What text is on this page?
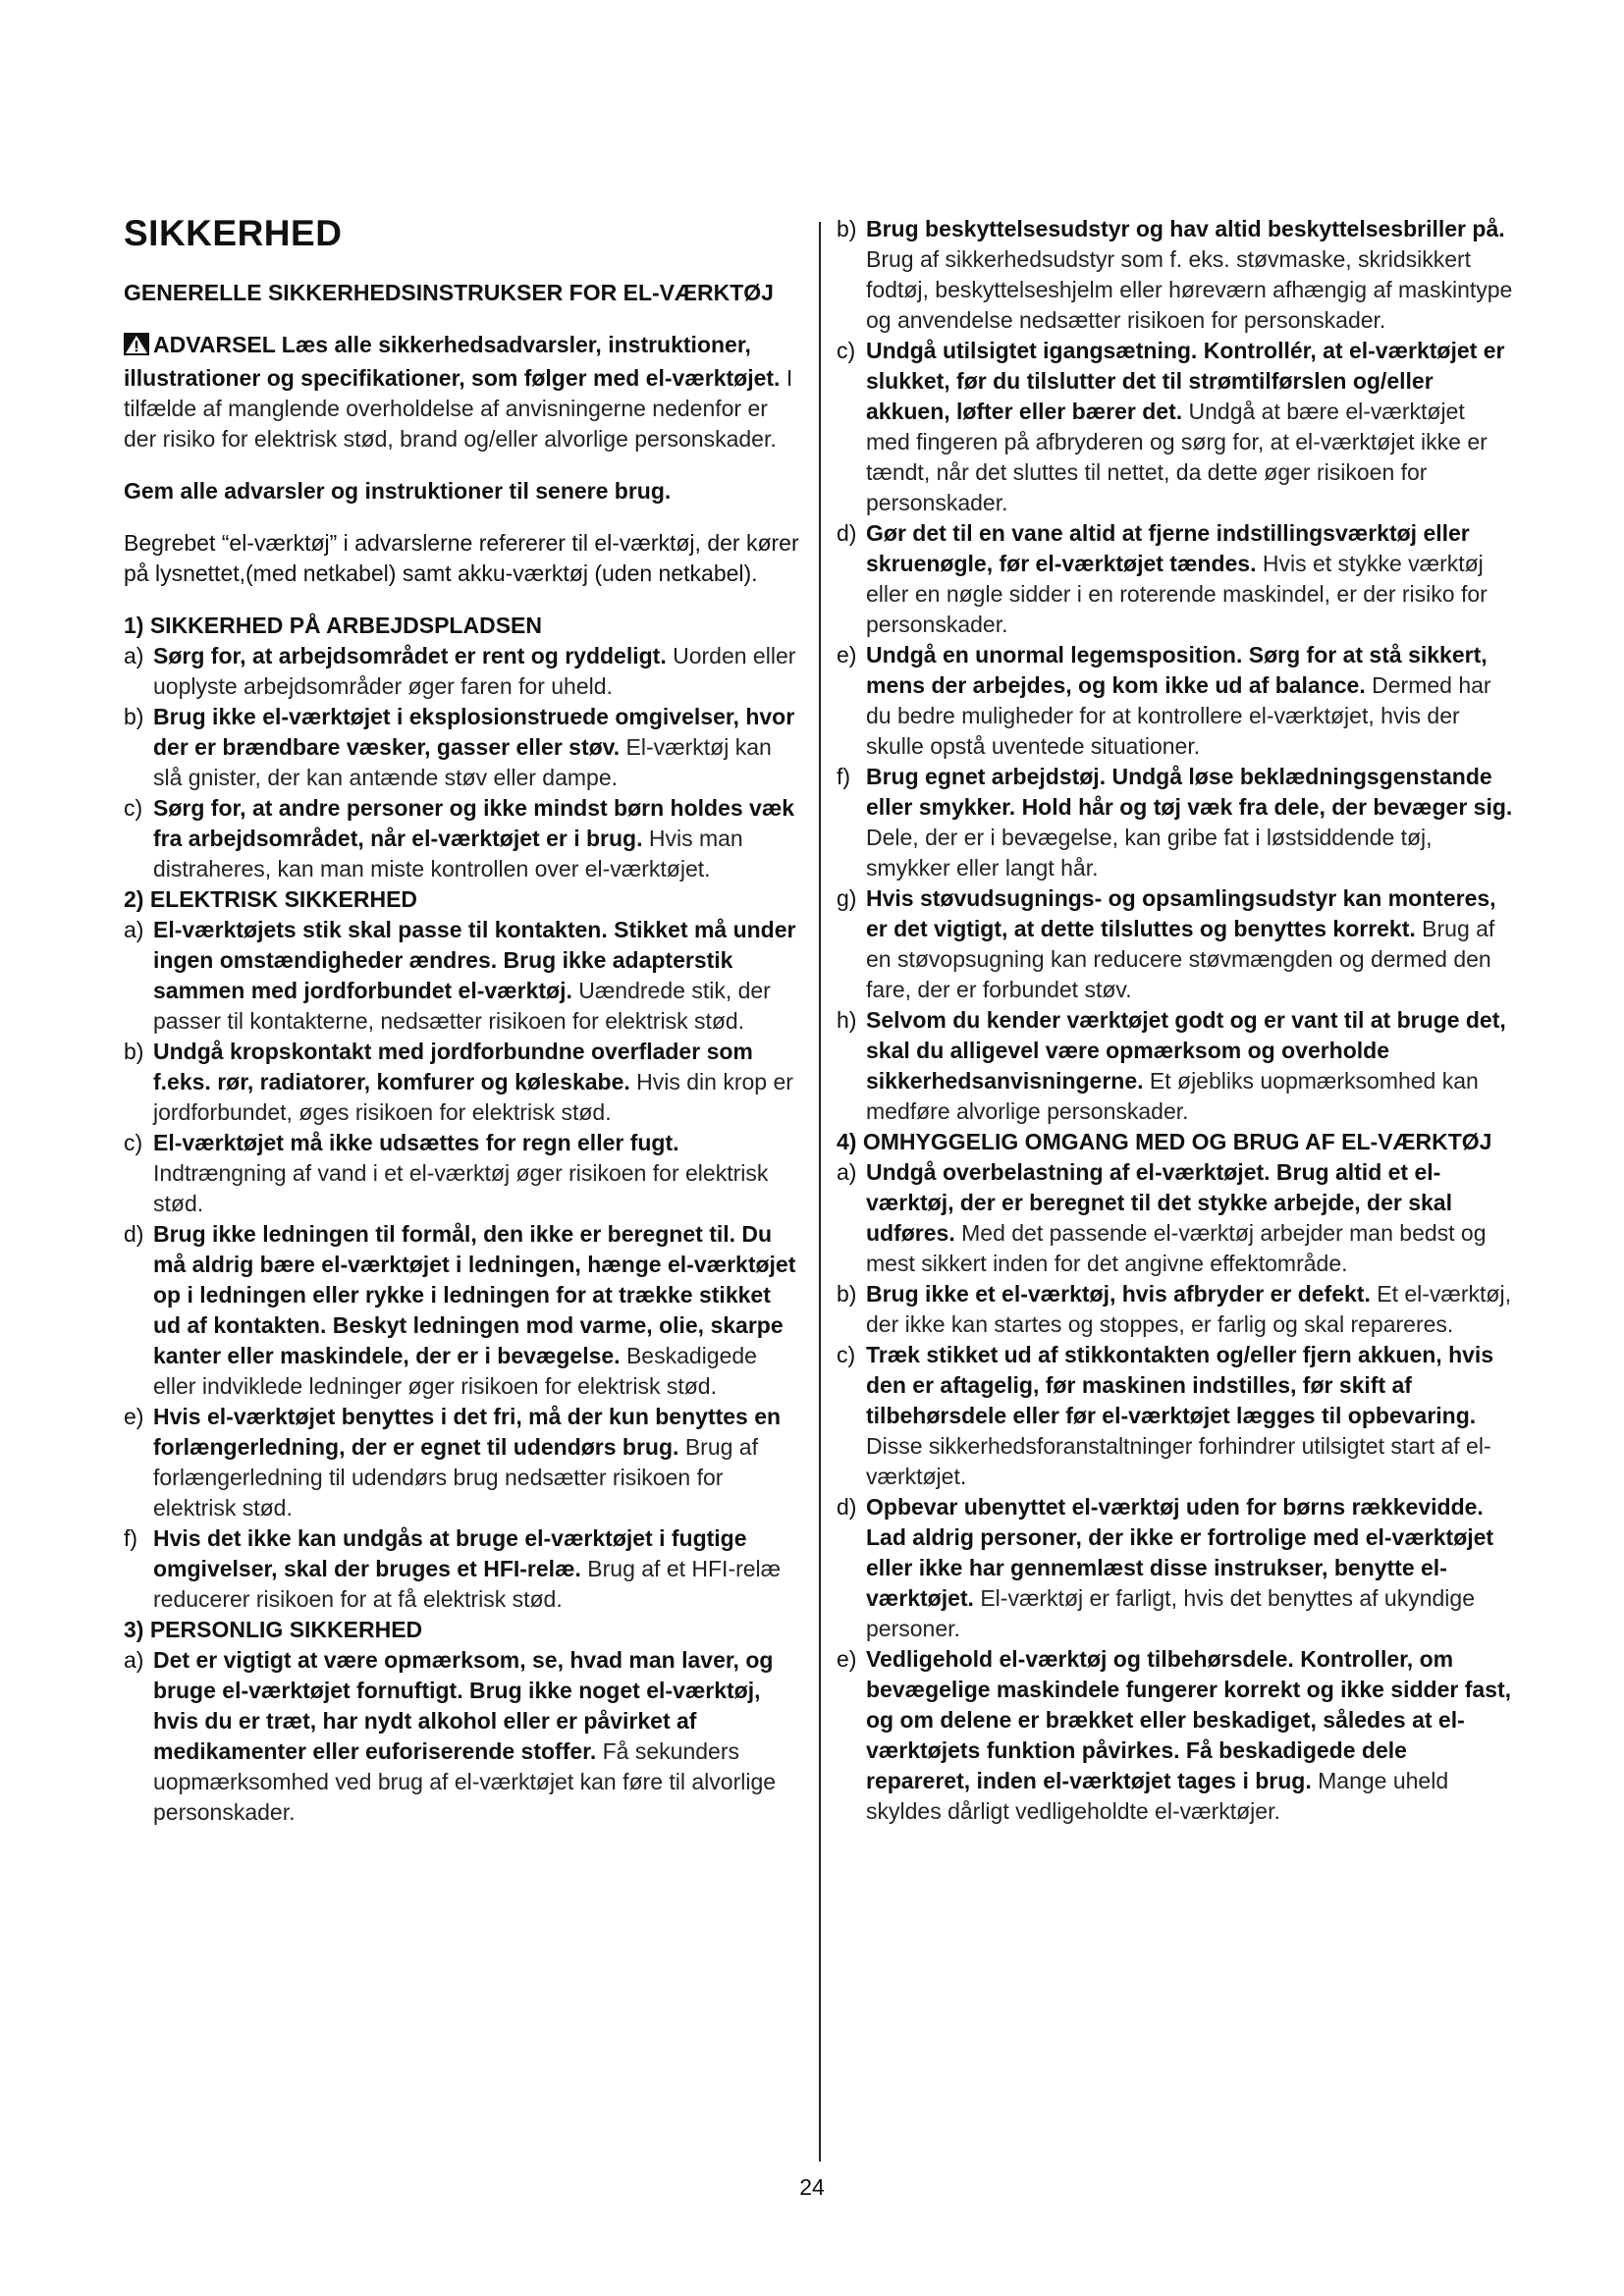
SIKKERHED
GENERELLE SIKKERHEDSINSTRUKSER FOR EL-VÆRKTØJ

ADVARSEL Læs alle sikkerhedsadvarsler, instruktioner, illustrationer og specifikationer, som følger med el-værktøjet. I tilfælde af manglende overholdelse af anvisningerne nedenfor er der risiko for elektrisk stød, brand og/eller alvorlige personskader.

Gem alle advarsler og instruktioner til senere brug.

Begrebet “el-værktøj” i advarslerne refererer til el-værktøj, der kører på lysnettet,(med netkabel) samt akku-værktøj (uden netkabel).

1) SIKKERHED PÅ ARBEJDSPLADSEN
a) Sørg for, at arbejdsområdet er rent og ryddeligt. Uorden eller uoplyste arbejdsområder øger faren for uheld.
b) Brug ikke el-værktøjet i eksplosionstruede omgivelser, hvor der er brændbare væsker, gasser eller støv. El-værktøj kan slå gnister, der kan antænde støv eller dampe.
c) Sørg for, at andre personer og ikke mindst børn holdes væk fra arbejdsområdet, når el-værktøjet er i brug. Hvis man distraheres, kan man miste kontrollen over el-værktøjet.
2) ELEKTRISK SIKKERHED
a) El-værktøjets stik skal passe til kontakten. Stikket må under ingen omstændigheder ændres. Brug ikke adapterstik sammen med jordforbundet el-værktøj. Uændrede stik, der passer til kontakterne, nedsætter risikoen for elektrisk stød.
b) Undgå kropskontakt med jordforbundne overflader som f.eks. rør, radiatorer, komfurer og køleskabe. Hvis din krop er jordforbundet, øges risikoen for elektrisk stød.
c) El-værktøjet må ikke udsættes for regn eller fugt. Indtrængning af vand i et el-værktøj øger risikoen for elektrisk stød.
d) Brug ikke ledningen til formål, den ikke er beregnet til. Du må aldrig bære el-værktøjet i ledningen, hænge el-værktøjet op i ledningen eller rykke i ledningen for at trække stikket ud af kontakten. Beskyt ledningen mod varme, olie, skarpe kanter eller maskindele, der er i bevægelse. Beskadigede eller indviklede ledninger øger risikoen for elektrisk stød.
e) Hvis el-værktøjet benyttes i det fri, må der kun benyttes en forlængerledning, der er egnet til udendørs brug. Brug af forlængerledning til udendørs brug nedsætter risikoen for elektrisk stød.
f) Hvis det ikke kan undgås at bruge el-værktøjet i fugtige omgivelser, skal der bruges et HFI-relæ. Brug af et HFI-relæ reducerer risikoen for at få elektrisk stød.
3) PERSONLIG SIKKERHED
a) Det er vigtigt at være opmærksom, se, hvad man laver, og bruge el-værktøjet fornuftigt. Brug ikke noget el-værktøj, hvis du er træt, har nydt alkohol eller er påvirket af medikamenter eller euforiserende stoffer. Få sekunders uopmærksomhed ved brug af el-værktøjet kan føre til alvorlige personskader.
b) Brug beskyttelsesudstyr og hav altid beskyttelsesbriller på. Brug af sikkerhedsudstyr som f. eks. støvmaske, skridsikkert fodtøj, beskyttelseshjelm eller høreværn afhængig af maskintype og anvendelse nedsætter risikoen for personskader.
c) Undgå utilsigtet igangsætning. Kontrollér, at el-værktøjet er slukket, før du tilslutter det til strømtilførslen og/eller akkuen, løfter eller bærer det. Undgå at bære el-værktøjet med fingeren på afbryderen og sørg for, at el-værktøjet ikke er tændt, når det sluttes til nettet, da dette øger risikoen for personskader.
d) Gør det til en vane altid at fjerne indstillingsværktøj eller skruenøgle, før el-værktøjet tændes. Hvis et stykke værktøj eller en nøgle sidder i en roterende maskindel, er der risiko for personskader.
e) Undgå en unormal legemsposition. Sørg for at stå sikkert, mens der arbejdes, og kom ikke ud af balance. Dermed har du bedre muligheder for at kontrollere el-værktøjet, hvis der skulle opstå uventede situationer.
f) Brug egnet arbejdstøj. Undgå løse beklædningsgenstande eller smykker. Hold hår og tøj væk fra dele, der bevæger sig. Dele, der er i bevægelse, kan gribe fat i løstsiddende tøj, smykker eller langt hår.
g) Hvis støvudsugnings- og opsamlingsudstyr kan monteres, er det vigtigt, at dette tilsluttes og benyttes korrekt. Brug af en støvopsugning kan reducere støvmængden og dermed den fare, der er forbundet støv.
h) Selvom du kender værktøjet godt og er vant til at bruge det, skal du alligevel være opmærksom og overholde sikkerhedsanvisningerne. Et øjebliks uopmærksomhed kan medføre alvorlige personskader.
4) OMHYGGELIG OMGANG MED OG BRUG AF EL-VÆRKTØJ
a) Undgå overbelastning af el-værktøjet. Brug altid et el-værktøj, der er beregnet til det stykke arbejde, der skal udføres. Med det passende el-værktøj arbejder man bedst og mest sikkert inden for det angivne effektområde.
b) Brug ikke et el-værktøj, hvis afbryder er defekt. Et el-værktøj, der ikke kan startes og stoppes, er farlig og skal repareres.
c) Træk stikket ud af stikkontakten og/eller fjern akkuen, hvis den er aftagelig, før maskinen indstilles, før skift af tilbehørsdele eller før el-værktøjet lægges til opbevaring. Disse sikkerhedsforanstaltninger forhindrer utilsigtet start af el-værktøjet.
d) Opbevar ubenyttet el-værktøj uden for børns rækkevidde. Lad aldrig personer, der ikke er fortrolige med el-værktøjet eller ikke har gennemlæst disse instrukser, benytte el-værktøjet. El-værktøj er farligt, hvis det benyttes af ukyndige personer.
e) Vedligehold el-værktøj og tilbehørsdele. Kontroller, om bevægelige maskindele fungerer korrekt og ikke sidder fast, og om delene er brækket eller beskadiget, således at el-værktøjets funktion påvirkes. Få beskadigede dele repareret, inden el-værktøjet tages i brug. Mange uheld skyldes dårligt vedligeholdte el-værktøjer.
24
